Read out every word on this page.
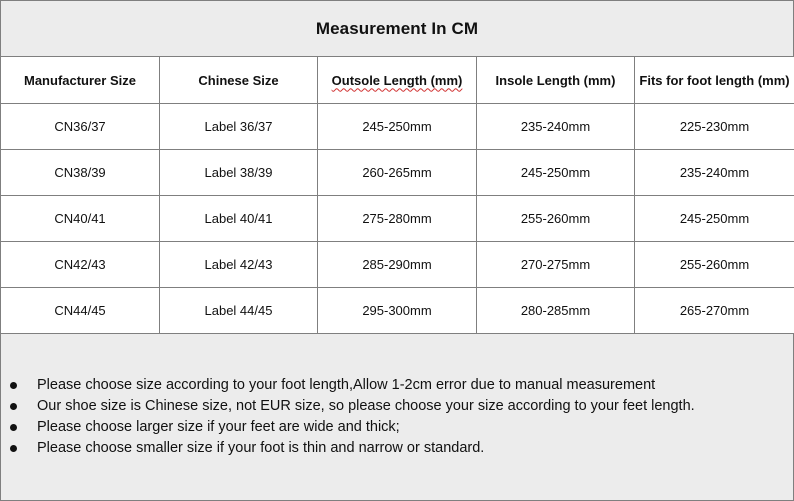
Measurement In CM
Manufacturer Size	Chinese Size	Outsole Length (mm)	Insole Length (mm)	Fits for foot length (mm)
CN36/37	Label 36/37	245-250mm	235-240mm	225-230mm
CN38/39	Label 38/39	260-265mm	245-250mm	235-240mm
CN40/41	Label 40/41	275-280mm	255-260mm	245-250mm
CN42/43	Label 42/43	285-290mm	270-275mm	255-260mm
CN44/45	Label 44/45	295-300mm	280-285mm	265-270mm
Please choose size according to your foot length,Allow 1-2cm error due to manual measurement
Our shoe size is Chinese size, not EUR size, so please choose your size according to your feet length.
Please choose larger size if your feet are wide and thick;
Please choose smaller size if your foot is thin and narrow or standard.
